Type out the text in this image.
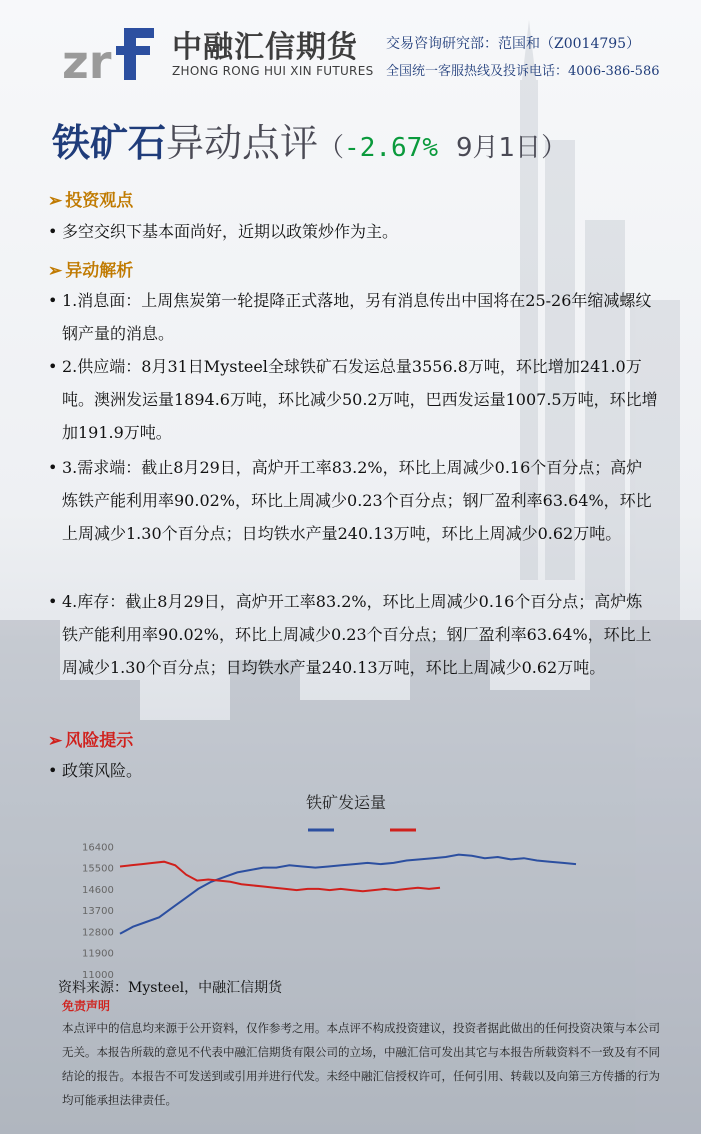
zr 中融汇信期货
ZHONG RONG HUI XIN FUTURES
交易咨询研究部：范国和（Z0014795）
全国统一客服热线及投诉电话：4006-386-586
铁矿石异动点评（-2.67% 9月1日）
➢ 投资观点
• 多空交织下基本面尚好，近期以政策炒作为主。
➢ 异动解析
• 1.消息面：上周焦炭第一轮提降正式落地，另有消息传出中国将在25-26年缩减螺纹钢产量的消息。
• 2.供应端：8月31日Mysteel全球铁矿石发运总量3556.8万吨，环比增加241.0万吨。澳洲发运量1894.6万吨，环比减少50.2万吨，巴西发运量1007.5万吨，环比增加191.9万吨。
• 3.需求端：截止8月29日，高炉开工率83.2%，环比上周减少0.16个百分点；高炉炼铁产能利用率90.02%，环比上周减少0.23个百分点；钢厂盈利率63.64%，环比上周减少1.30个百分点；日均铁水产量240.13万吨，环比上周减少0.62万吨。
• 4.库存：截止8月29日，高炉开工率83.2%，环比上周减少0.16个百分点；高炉炼铁产能利用率90.02%，环比上周减少0.23个百分点；钢厂盈利率63.64%，环比上周减少1.30个百分点；日均铁水产量240.13万吨，环比上周减少0.62万吨。
➢ 风险提示
• 政策风险。
铁矿发运量
16400
15500
14600
13700
12800
11900
11000
资料来源：Mysteel，中融汇信期货
免责声明
本点评中的信息均来源于公开资料，仅作参考之用。本点评不构成投资建议，投资者据此做出的任何投资决策与本公司无关。本报告所载的意见不代表中融汇信期货有限公司的立场，中融汇信可发出其它与本报告所载资料不一致及有不同结论的报告。本报告不可发送到或引用并进行代发。未经中融汇信授权许可，任何引用、转载以及向第三方传播的行为均可能承担法律责任。
